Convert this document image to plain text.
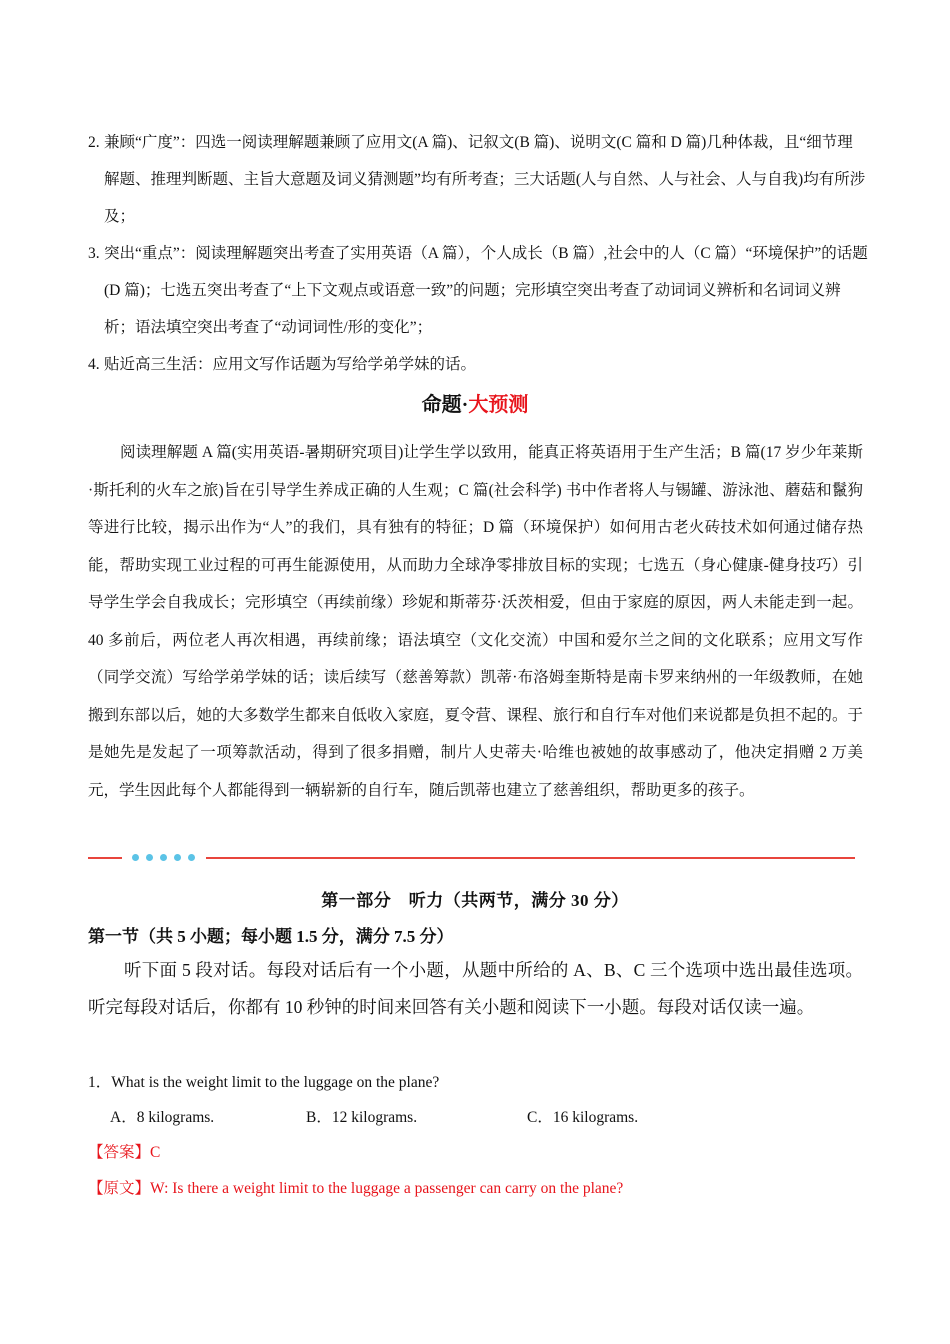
2. 兼顾“广度”：四选一阅读理解题兼顾了应用文(A 篇)、记叙文(B 篇)、说明文(C 篇和 D 篇)几种体裁，且“细节理解题、推理判断题、主旨大意题及词义猜测题”均有所考查；三大话题(人与自然、人与社会、人与自我)均有所涉及；
3. 突出“重点”：阅读理解题突出考查了实用英语（A 篇），个人成长（B 篇）,社会中的人（C 篇）“环境保护”的话题(D 篇)；七选五突出考查了“上下文观点或语意一致”的问题；完形填空突出考查了动词词义辨析和名词词义辨析；语法填空突出考查了“动词词性/形的变化”；
4. 贴近高三生活：应用文写作话题为写给学弟学妹的话。
命题·大预测
阅读理解题 A 篇(实用英语-暑期研究项目)让学生学以致用，能真正将英语用于生产生活；B 篇(17 岁少年莱斯·斯托利的火车之旅)旨在引导学生养成正确的人生观；C 篇(社会科学) 书中作者将人与锡罐、游泳池、蘑菇和鬣狗等进行比较，揭示出作为“人”的我们，具有独有的特征；D 篇（环境保护）如何用古老火砖技术如何通过储存热能，帮助实现工业过程的可再生能源使用，从而助力全球净零排放目标的实现；七选五（身心健康-健身技巧）引导学生学会自我成长；完形填空（再续前缘）珍妮和斯蒂芬·沃茨相爱，但由于家庭的原因，两人未能走到一起。40 多前后，两位老人再次相遇，再续前缘；语法填空（文化交流）中国和爱尔兰之间的文化联系；应用文写作（同学交流）写给学弟学妹的话；读后续写（慈善筹款）凯蒂·布洛姆奎斯特是南卡罗来纳州的一年级教师，在她搬到东部以后，她的大多数学生都来自低收入家庭，夏令营、课程、旅行和自行车对他们来说都是负担不起的。于是她先是发起了一项筹款活动，得到了很多捐赠，制片人史蒂夫·哈维也被她的故事感动了，他决定捐赠 2 万美元，学生因此每个人都能得到一辆崭新的自行车，随后凯蒂也建立了慈善组织，帮助更多的孩子。
第一部分　听力（共两节，满分 30 分）
第一节（共 5 小题；每小题 1.5 分，满分 7.5 分）
听下面 5 段对话。每段对话后有一个小题，从题中所给的 A、B、C 三个选项中选出最佳选项。听完每段对话后，你都有 10 秒钟的时间来回答有关小题和阅读下一小题。每段对话仅读一遍。
1．What is the weight limit to the luggage on the plane?
A．8 kilograms.	B．12 kilograms.	C．16 kilograms.
【答案】C
【原文】W: Is there a weight limit to the luggage a passenger can carry on the plane?
